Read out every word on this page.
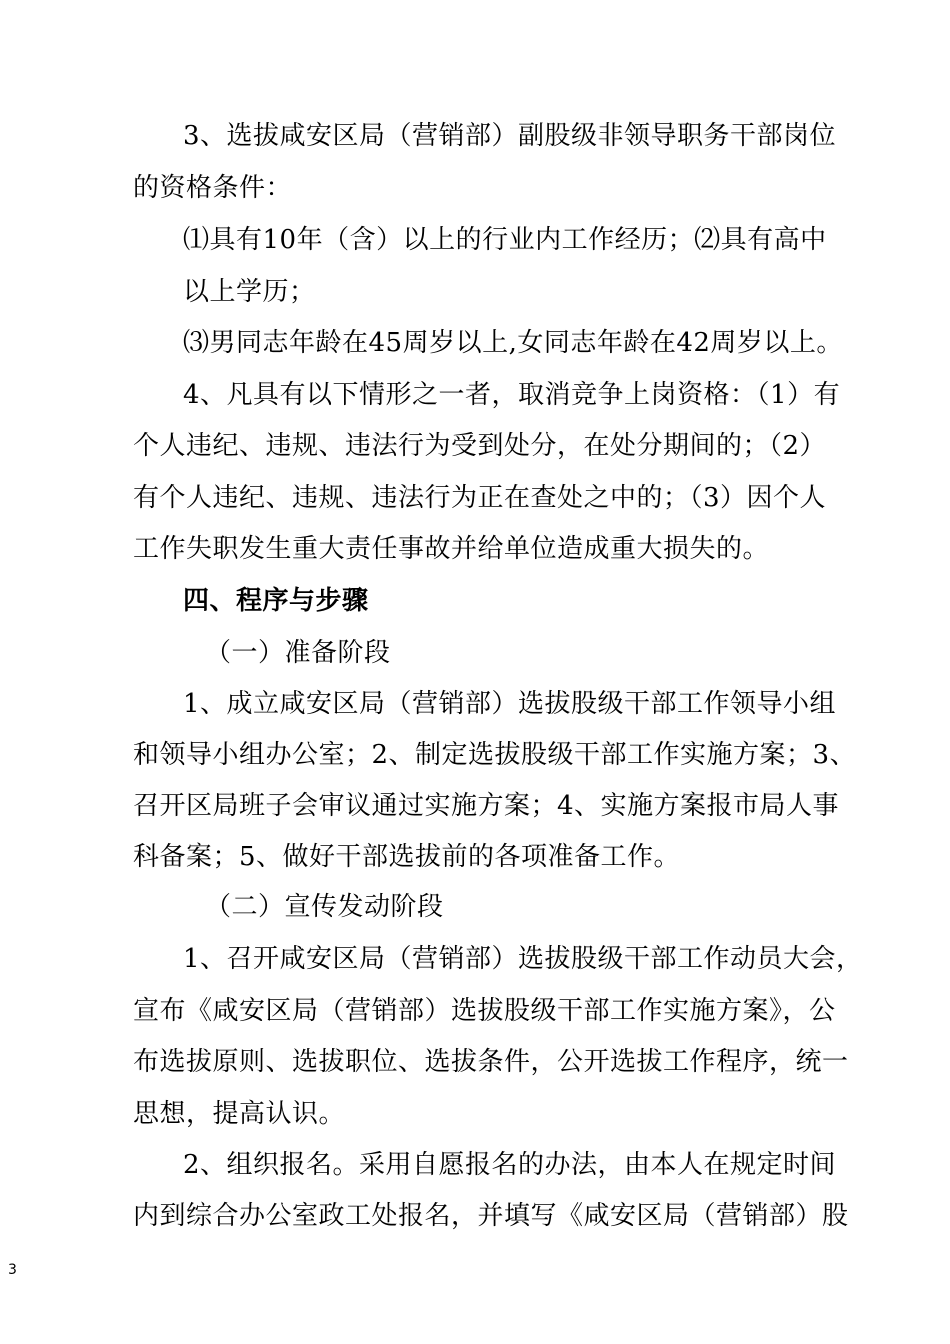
3、选拔咸安区局（营销部）副股级非领导职务干部岗位
的资格条件：
⑴具有10年（含）以上的行业内工作经历；⑵具有高中
以上学历；
⑶男同志年龄在45周岁以上,女同志年龄在42周岁以上。
4、凡具有以下情形之一者，取消竞争上岗资格：（1）有
个人违纪、违规、违法行为受到处分，在处分期间的；（2）
有个人违纪、违规、违法行为正在查处之中的；（3）因个人
工作失职发生重大责任事故并给单位造成重大损失的。
四、程序与步骤
（一）准备阶段
1、成立咸安区局（营销部）选拔股级干部工作领导小组
和领导小组办公室；2、制定选拔股级干部工作实施方案；3、
召开区局班子会审议通过实施方案；4、实施方案报市局人事
科备案；5、做好干部选拔前的各项准备工作。
（二）宣传发动阶段
1、召开咸安区局（营销部）选拔股级干部工作动员大会，
宣布《咸安区局（营销部）选拔股级干部工作实施方案》，公
布选拔原则、选拔职位、选拔条件，公开选拔工作程序，统一
思想，提高认识。
2、组织报名。采用自愿报名的办法，由本人在规定时间
内到综合办公室政工处报名，并填写《咸安区局（营销部）股
3
